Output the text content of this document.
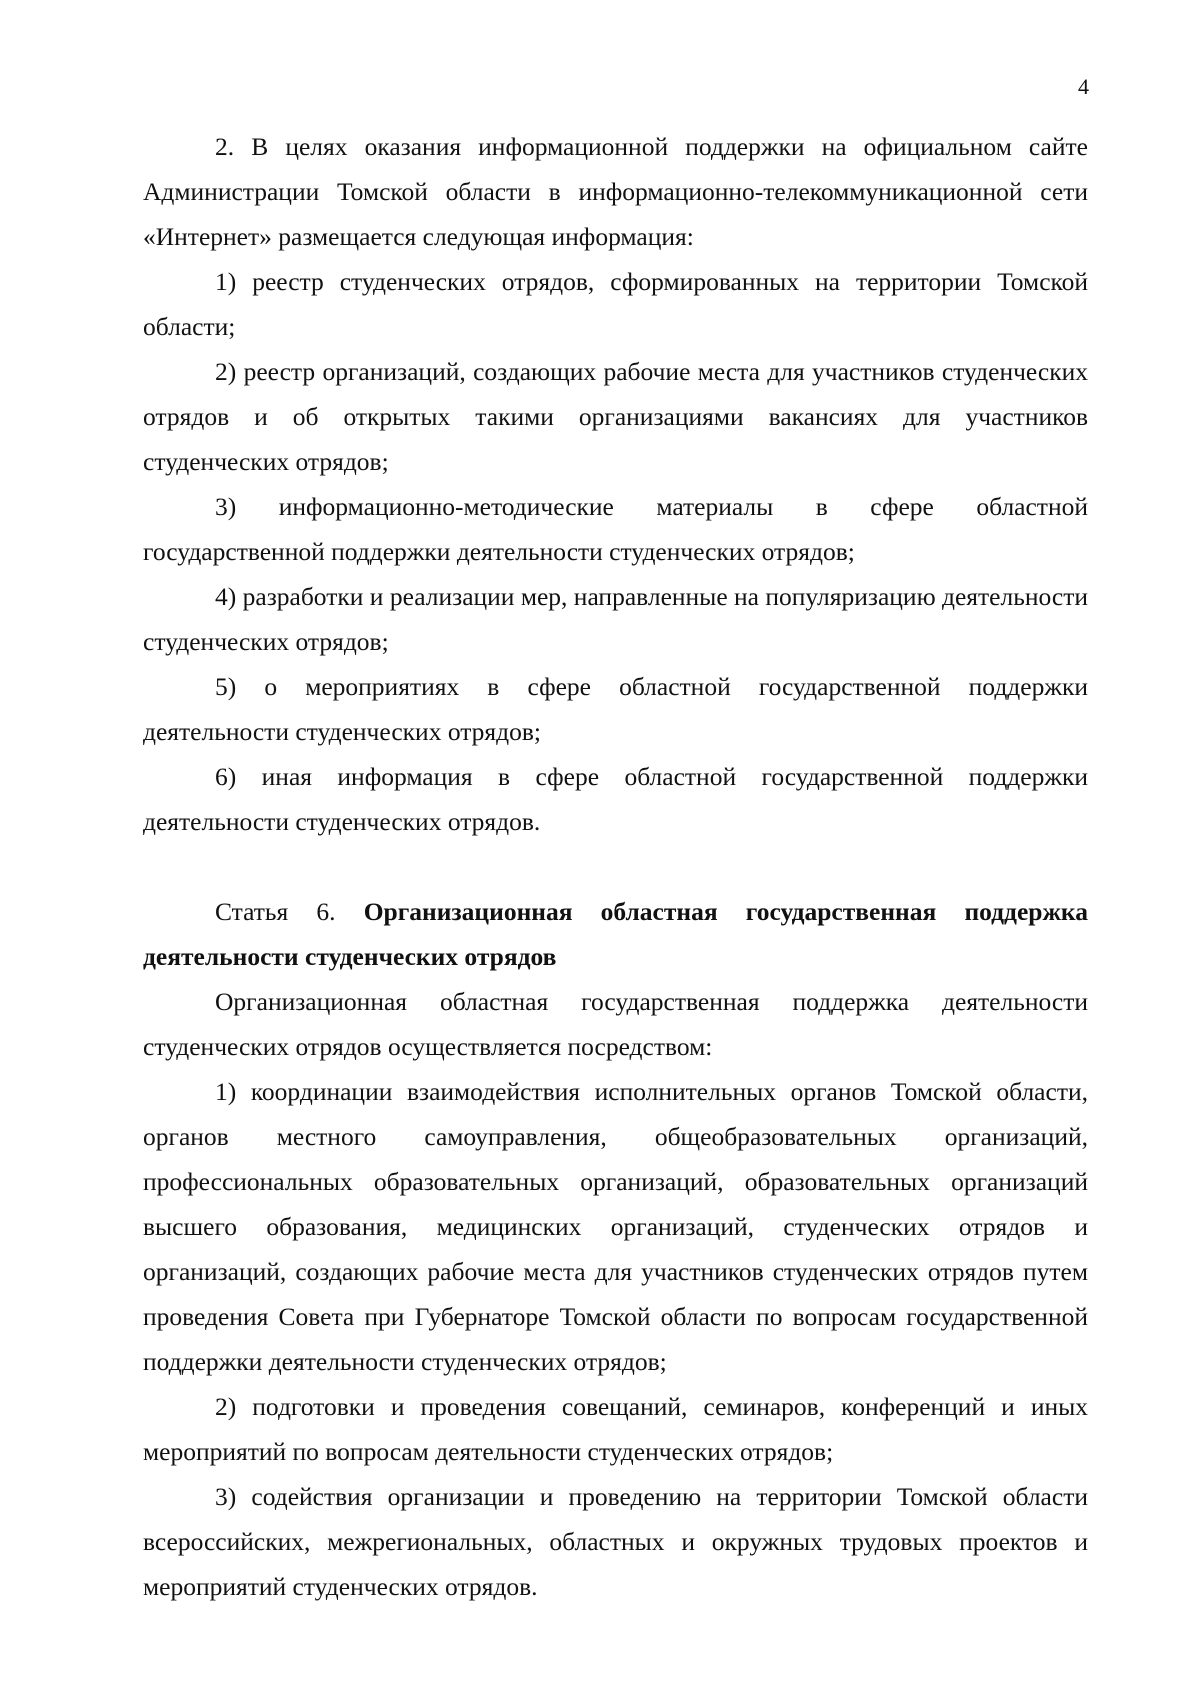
4

2. В целях оказания информационной поддержки на официальном сайте Администрации Томской области в информационно-телекоммуникационной сети «Интернет» размещается следующая информация:

1) реестр студенческих отрядов, сформированных на территории Томской области;

2) реестр организаций, создающих рабочие места для участников студенческих отрядов и об открытых такими организациями вакансиях для участников студенческих отрядов;

3) информационно-методические материалы в сфере областной государственной поддержки деятельности студенческих отрядов;

4) разработки и реализации мер, направленные на популяризацию деятельности студенческих отрядов;

5) о мероприятиях в сфере областной государственной поддержки деятельности студенческих отрядов;

6) иная информация в сфере областной государственной поддержки деятельности студенческих отрядов.

Статья 6. Организационная областная государственная поддержка деятельности студенческих отрядов

Организационная областная государственная поддержка деятельности студенческих отрядов осуществляется посредством:

1) координации взаимодействия исполнительных органов Томской области, органов местного самоуправления, общеобразовательных организаций, профессиональных образовательных организаций, образовательных организаций высшего образования, медицинских организаций, студенческих отрядов и организаций, создающих рабочие места для участников студенческих отрядов путем проведения Совета при Губернаторе Томской области по вопросам государственной поддержки деятельности студенческих отрядов;

2) подготовки и проведения совещаний, семинаров, конференций и иных мероприятий по вопросам деятельности студенческих отрядов;

3) содействия организации и проведению на территории Томской области всероссийских, межрегиональных, областных и окружных трудовых проектов и мероприятий студенческих отрядов.
